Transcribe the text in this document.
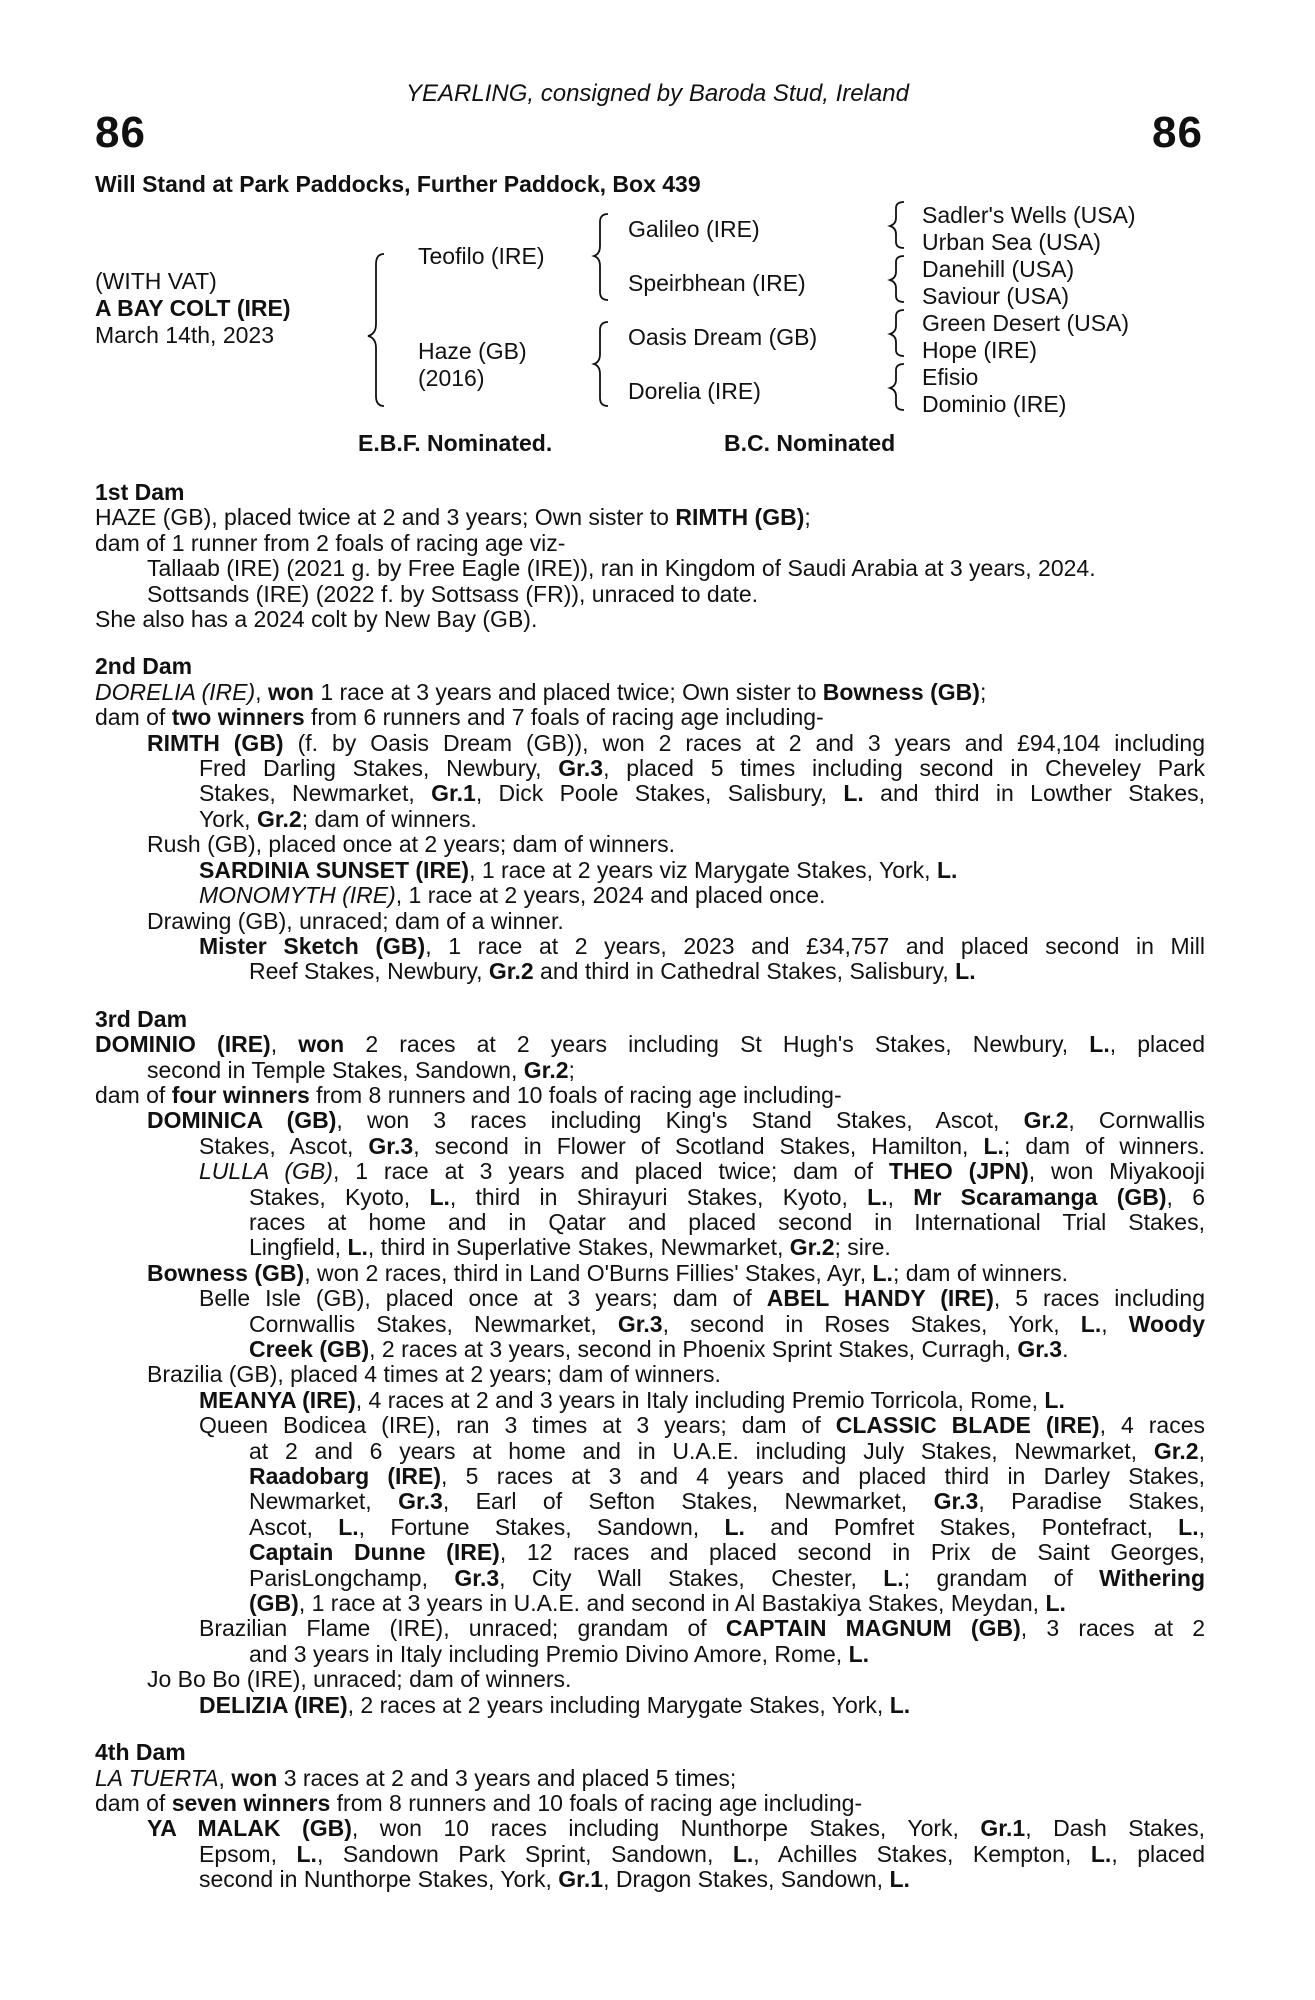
YEARLING, consigned by Baroda Stud, Ireland
86	86
Will Stand at Park Paddocks, Further Paddock, Box 439
(WITH VAT)
A BAY COLT (IRE)
March 14th, 2023
Teofilo (IRE)
Haze (GB)
(2016)
Galileo (IRE)
Speirbhean (IRE)
Oasis Dream (GB)
Dorelia (IRE)
Sadler's Wells (USA)
Urban Sea (USA)
Danehill (USA)
Saviour (USA)
Green Desert (USA)
Hope (IRE)
Efisio
Dominio (IRE)
E.B.F. Nominated.	B.C. Nominated
1st Dam
HAZE (GB), placed twice at 2 and 3 years; Own sister to RIMTH (GB);
dam of 1 runner from 2 foals of racing age viz-
Tallaab (IRE) (2021 g. by Free Eagle (IRE)), ran in Kingdom of Saudi Arabia at 3 years, 2024.
Sottsands (IRE) (2022 f. by Sottsass (FR)), unraced to date.
She also has a 2024 colt by New Bay (GB).
2nd Dam
DORELIA (IRE), won 1 race at 3 years and placed twice; Own sister to Bowness (GB);
dam of two winners from 6 runners and 7 foals of racing age including-
RIMTH (GB) (f. by Oasis Dream (GB)), won 2 races at 2 and 3 years and £94,104 including
Fred Darling Stakes, Newbury, Gr.3, placed 5 times including second in Cheveley Park
Stakes, Newmarket, Gr.1, Dick Poole Stakes, Salisbury, L. and third in Lowther Stakes,
York, Gr.2; dam of winners.
Rush (GB), placed once at 2 years; dam of winners.
SARDINIA SUNSET (IRE), 1 race at 2 years viz Marygate Stakes, York, L.
MONOMYTH (IRE), 1 race at 2 years, 2024 and placed once.
Drawing (GB), unraced; dam of a winner.
Mister Sketch (GB), 1 race at 2 years, 2023 and £34,757 and placed second in Mill
Reef Stakes, Newbury, Gr.2 and third in Cathedral Stakes, Salisbury, L.
3rd Dam
DOMINIO (IRE), won 2 races at 2 years including St Hugh's Stakes, Newbury, L., placed
second in Temple Stakes, Sandown, Gr.2;
dam of four winners from 8 runners and 10 foals of racing age including-
DOMINICA (GB), won 3 races including King's Stand Stakes, Ascot, Gr.2, Cornwallis
Stakes, Ascot, Gr.3, second in Flower of Scotland Stakes, Hamilton, L.; dam of winners.
LULLA (GB), 1 race at 3 years and placed twice; dam of THEO (JPN), won Miyakooji
Stakes, Kyoto, L., third in Shirayuri Stakes, Kyoto, L., Mr Scaramanga (GB), 6
races at home and in Qatar and placed second in International Trial Stakes,
Lingfield, L., third in Superlative Stakes, Newmarket, Gr.2; sire.
Bowness (GB), won 2 races, third in Land O'Burns Fillies' Stakes, Ayr, L.; dam of winners.
Belle Isle (GB), placed once at 3 years; dam of ABEL HANDY (IRE), 5 races including
Cornwallis Stakes, Newmarket, Gr.3, second in Roses Stakes, York, L., Woody
Creek (GB), 2 races at 3 years, second in Phoenix Sprint Stakes, Curragh, Gr.3.
Brazilia (GB), placed 4 times at 2 years; dam of winners.
MEANYA (IRE), 4 races at 2 and 3 years in Italy including Premio Torricola, Rome, L.
Queen Bodicea (IRE), ran 3 times at 3 years; dam of CLASSIC BLADE (IRE), 4 races
at 2 and 6 years at home and in U.A.E. including July Stakes, Newmarket, Gr.2,
Raadobarg (IRE), 5 races at 3 and 4 years and placed third in Darley Stakes,
Newmarket, Gr.3, Earl of Sefton Stakes, Newmarket, Gr.3, Paradise Stakes,
Ascot, L., Fortune Stakes, Sandown, L. and Pomfret Stakes, Pontefract, L.,
Captain Dunne (IRE), 12 races and placed second in Prix de Saint Georges,
ParisLongchamp, Gr.3, City Wall Stakes, Chester, L.; grandam of Withering
(GB), 1 race at 3 years in U.A.E. and second in Al Bastakiya Stakes, Meydan, L.
Brazilian Flame (IRE), unraced; grandam of CAPTAIN MAGNUM (GB), 3 races at 2
and 3 years in Italy including Premio Divino Amore, Rome, L.
Jo Bo Bo (IRE), unraced; dam of winners.
DELIZIA (IRE), 2 races at 2 years including Marygate Stakes, York, L.
4th Dam
LA TUERTA, won 3 races at 2 and 3 years and placed 5 times;
dam of seven winners from 8 runners and 10 foals of racing age including-
YA MALAK (GB), won 10 races including Nunthorpe Stakes, York, Gr.1, Dash Stakes,
Epsom, L., Sandown Park Sprint, Sandown, L., Achilles Stakes, Kempton, L., placed
second in Nunthorpe Stakes, York, Gr.1, Dragon Stakes, Sandown, L.
